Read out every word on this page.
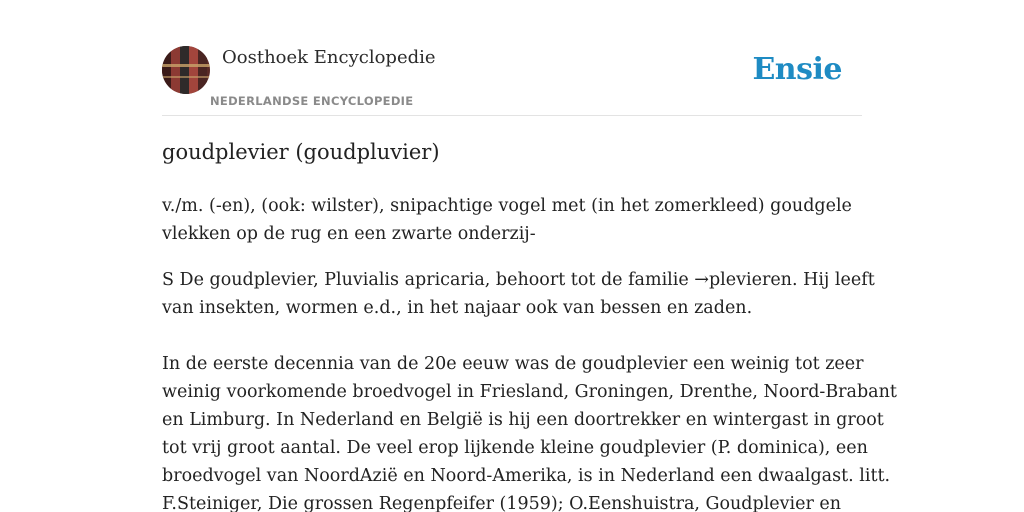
Oosthoek Encyclopedie
NEDERLANDSE ENCYCLOPEDIE
Ensie
goudplevier (goudpluvier)

v./m. (-en), (ook: wilster), snipachtige vogel met (in het zomerkleed) goudgele
vlekken op de rug en een zwarte onderzij-

S De goudplevier, Pluvialis apricaria, behoort tot de familie →plevieren. Hij leeft
van insekten, wormen e.d., in het najaar ook van bessen en zaden.

In de eerste decennia van de 20e eeuw was de goudplevier een weinig tot zeer
weinig voorkomende broedvogel in Friesland, Groningen, Drenthe, Noord-Brabant
en Limburg. In Nederland en België is hij een doortrekker en wintergast in groot
tot vrij groot aantal. De veel erop lijkende kleine goudplevier (P. dominica), een
broedvogel van NoordAzië en Noord-Amerika, is in Nederland een dwaalgast. litt.
F.Steiniger, Die grossen Regenpfeifer (1959); O.Eenshuistra, Goudplevier en
